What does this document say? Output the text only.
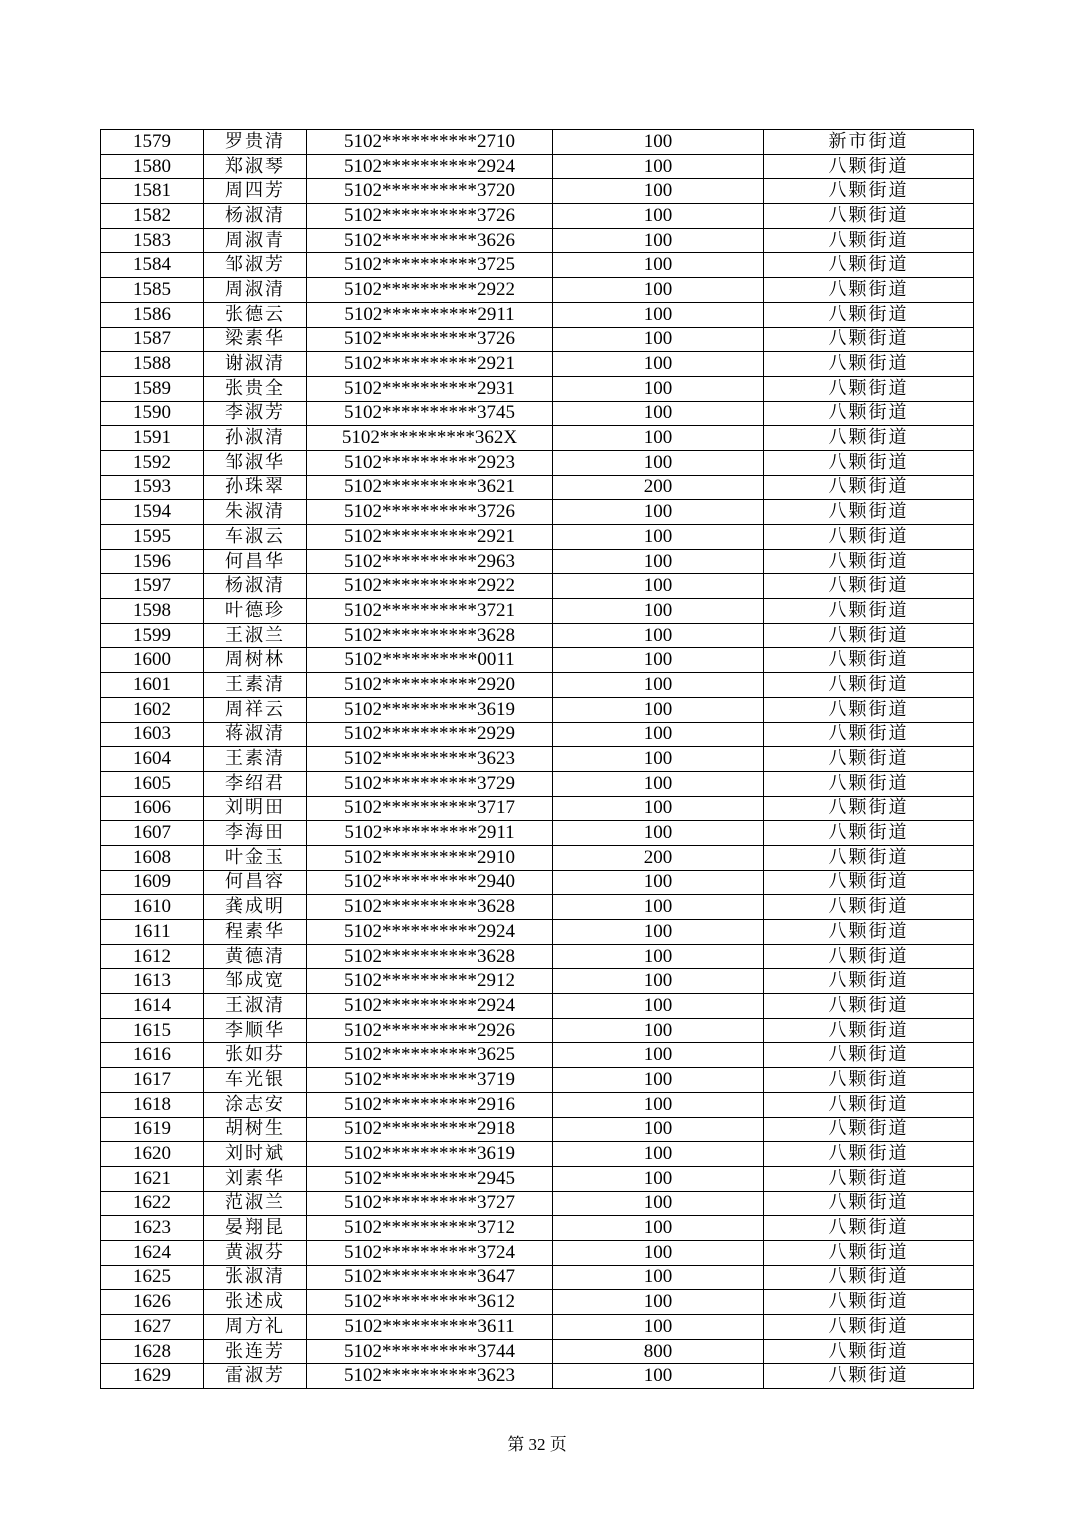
1579	罗贵清	5102**********2710	100	新市街道
1580	郑淑琴	5102**********2924	100	八颗街道
1581	周四芳	5102**********3720	100	八颗街道
1582	杨淑清	5102**********3726	100	八颗街道
1583	周淑青	5102**********3626	100	八颗街道
1584	邹淑芳	5102**********3725	100	八颗街道
1585	周淑清	5102**********2922	100	八颗街道
1586	张德云	5102**********2911	100	八颗街道
1587	梁素华	5102**********3726	100	八颗街道
1588	谢淑清	5102**********2921	100	八颗街道
1589	张贵全	5102**********2931	100	八颗街道
1590	李淑芳	5102**********3745	100	八颗街道
1591	孙淑清	5102**********362X	100	八颗街道
1592	邹淑华	5102**********2923	100	八颗街道
1593	孙珠翠	5102**********3621	200	八颗街道
1594	朱淑清	5102**********3726	100	八颗街道
1595	车淑云	5102**********2921	100	八颗街道
1596	何昌华	5102**********2963	100	八颗街道
1597	杨淑清	5102**********2922	100	八颗街道
1598	叶德珍	5102**********3721	100	八颗街道
1599	王淑兰	5102**********3628	100	八颗街道
1600	周树林	5102**********0011	100	八颗街道
1601	王素清	5102**********2920	100	八颗街道
1602	周祥云	5102**********3619	100	八颗街道
1603	蒋淑清	5102**********2929	100	八颗街道
1604	王素清	5102**********3623	100	八颗街道
1605	李绍君	5102**********3729	100	八颗街道
1606	刘明田	5102**********3717	100	八颗街道
1607	李海田	5102**********2911	100	八颗街道
1608	叶金玉	5102**********2910	200	八颗街道
1609	何昌容	5102**********2940	100	八颗街道
1610	龚成明	5102**********3628	100	八颗街道
1611	程素华	5102**********2924	100	八颗街道
1612	黄德清	5102**********3628	100	八颗街道
1613	邹成宽	5102**********2912	100	八颗街道
1614	王淑清	5102**********2924	100	八颗街道
1615	李顺华	5102**********2926	100	八颗街道
1616	张如芬	5102**********3625	100	八颗街道
1617	车光银	5102**********3719	100	八颗街道
1618	涂志安	5102**********2916	100	八颗街道
1619	胡树生	5102**********2918	100	八颗街道
1620	刘时斌	5102**********3619	100	八颗街道
1621	刘素华	5102**********2945	100	八颗街道
1622	范淑兰	5102**********3727	100	八颗街道
1623	晏翔昆	5102**********3712	100	八颗街道
1624	黄淑芬	5102**********3724	100	八颗街道
1625	张淑清	5102**********3647	100	八颗街道
1626	张述成	5102**********3612	100	八颗街道
1627	周方礼	5102**********3611	100	八颗街道
1628	张连芳	5102**********3744	800	八颗街道
1629	雷淑芳	5102**********3623	100	八颗街道
第 32 页
